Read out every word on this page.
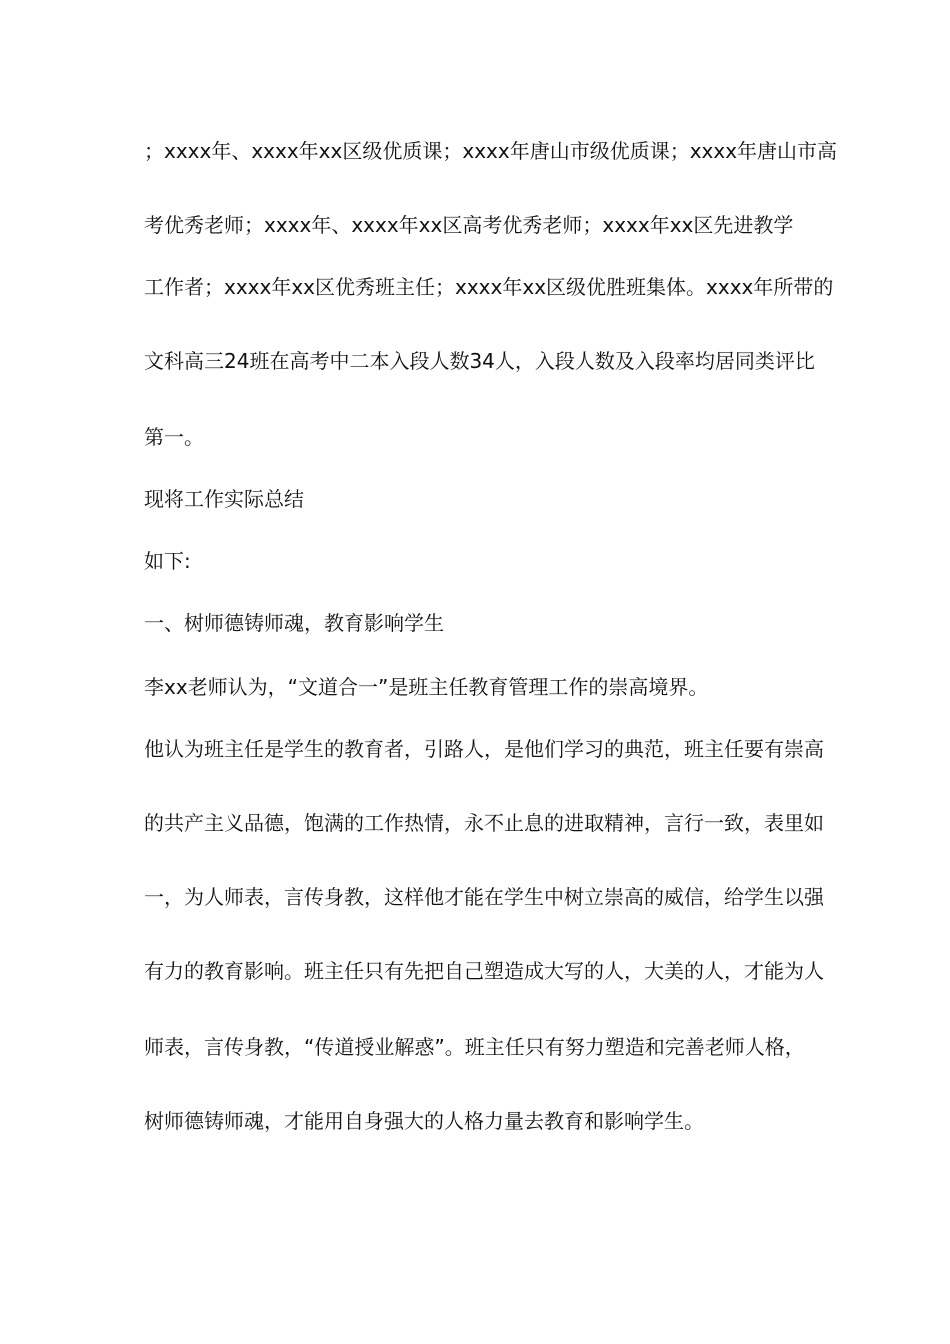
；xxxx年、xxxx年xx区级优质课；xxxx年唐山市级优质课；xxxx年唐山市高
考优秀老师；xxxx年、xxxx年xx区高考优秀老师；xxxx年xx区先进教学
工作者；xxxx年xx区优秀班主任；xxxx年xx区级优胜班集体。xxxx年所带的
文科高三24班在高考中二本入段人数34人，入段人数及入段率均居同类评比
第一。
现将工作实际总结
如下:
一、树师德铸师魂，教育影响学生
李xx老师认为，“文道合一”是班主任教育管理工作的崇高境界。
他认为班主任是学生的教育者，引路人，是他们学习的典范，班主任要有崇高
的共产主义品德，饱满的工作热情，永不止息的进取精神，言行一致，表里如
一，为人师表，言传身教，这样他才能在学生中树立崇高的威信，给学生以强
有力的教育影响。班主任只有先把自己塑造成大写的人，大美的人，才能为人
师表，言传身教，“传道授业解惑”。班主任只有努力塑造和完善老师人格，
树师德铸师魂，才能用自身强大的人格力量去教育和影响学生。
